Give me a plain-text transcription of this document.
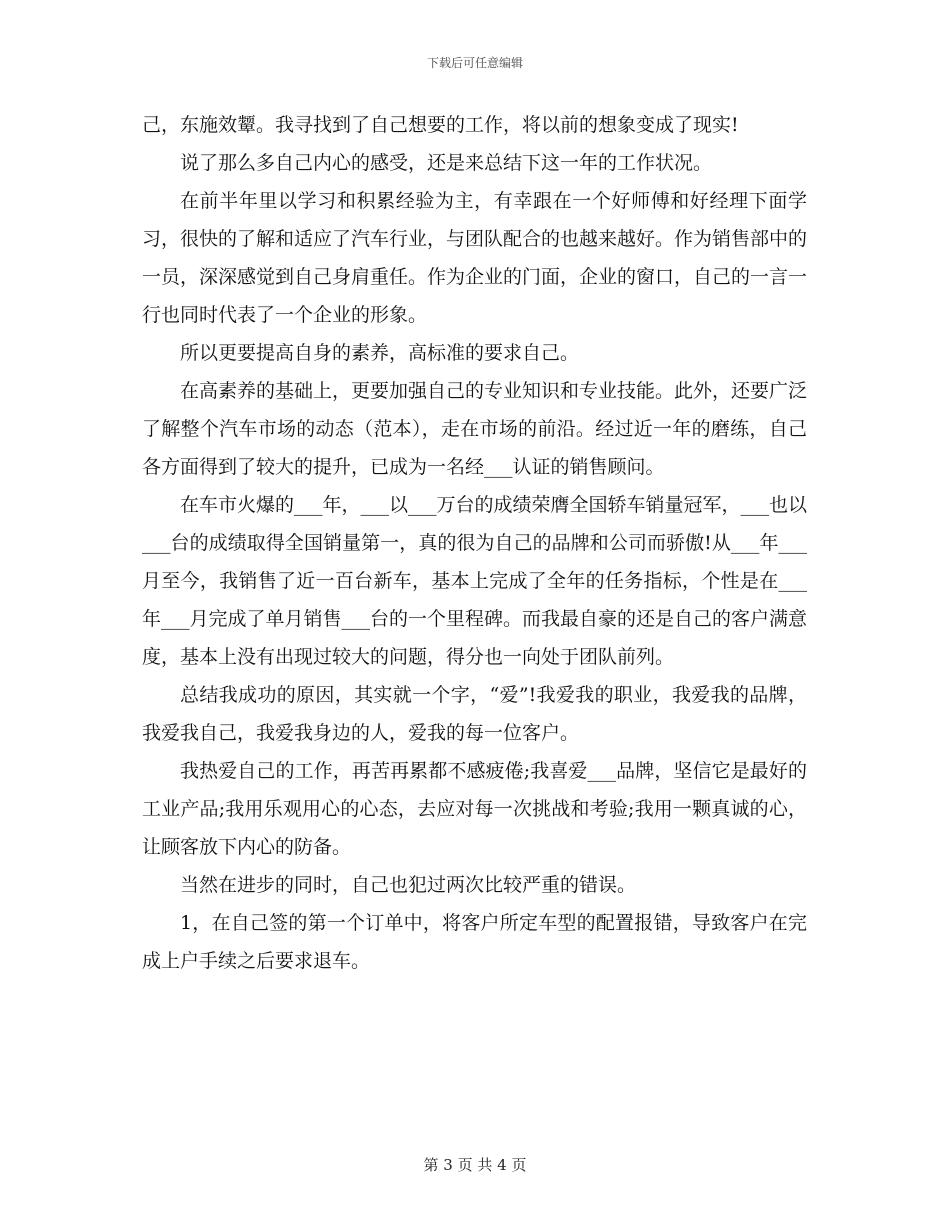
下载后可任意编辑

己，东施效颦。我寻找到了自己想要的工作，将以前的想象变成了现实!

说了那么多自己内心的感受，还是来总结下这一年的工作状况。

在前半年里以学习和积累经验为主，有幸跟在一个好师傅和好经理下面学习，很快的了解和适应了汽车行业，与团队配合的也越来越好。作为销售部中的一员，深深感觉到自己身肩重任。作为企业的门面，企业的窗口，自己的一言一行也同时代表了一个企业的形象。

所以更要提高自身的素养，高标准的要求自己。

在高素养的基础上，更要加强自己的专业知识和专业技能。此外，还要广泛了解整个汽车市场的动态（范本），走在市场的前沿。经过近一年的磨练，自己各方面得到了较大的提升，已成为一名经___认证的销售顾问。

在车市火爆的___年，___以___万台的成绩荣膺全国轿车销量冠军，___也以___台的成绩取得全国销量第一，真的很为自己的品牌和公司而骄傲!从___年___月至今，我销售了近一百台新车，基本上完成了全年的任务指标，个性是在___年___月完成了单月销售___台的一个里程碑。而我最自豪的还是自己的客户满意度，基本上没有出现过较大的问题，得分也一向处于团队前列。

总结我成功的原因，其实就一个字，“爱”!我爱我的职业，我爱我的品牌，我爱我自己，我爱我身边的人，爱我的每一位客户。

我热爱自己的工作，再苦再累都不感疲倦;我喜爱___品牌，坚信它是最好的工业产品;我用乐观用心的心态，去应对每一次挑战和考验;我用一颗真诚的心，让顾客放下内心的防备。

当然在进步的同时，自己也犯过两次比较严重的错误。

1，在自己签的第一个订单中，将客户所定车型的配置报错，导致客户在完成上户手续之后要求退车。

第 3 页 共 4 页
